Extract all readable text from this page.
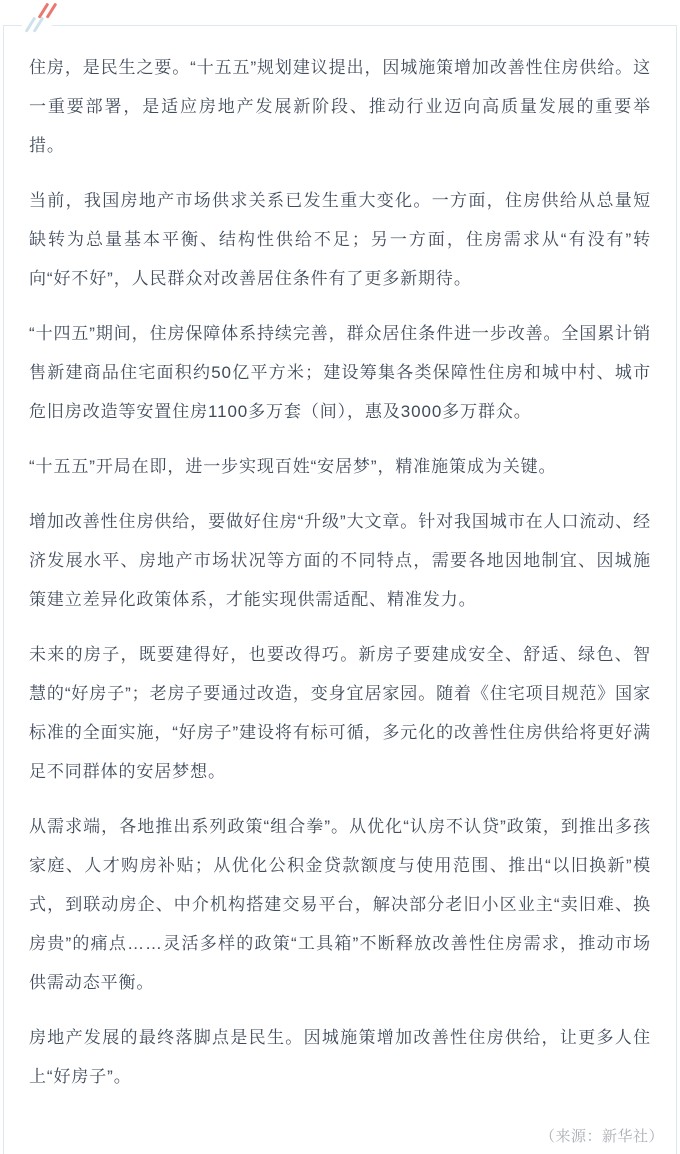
住房，是民生之要。“十五五”规划建议提出，因城施策增加改善性住房供给。这一重要部署，是适应房地产发展新阶段、推动行业迈向高质量发展的重要举措。

当前，我国房地产市场供求关系已发生重大变化。一方面，住房供给从总量短缺转为总量基本平衡、结构性供给不足；另一方面，住房需求从“有没有”转向“好不好”，人民群众对改善居住条件有了更多新期待。

“十四五”期间，住房保障体系持续完善，群众居住条件进一步改善。全国累计销售新建商品住宅面积约50亿平方米；建设筹集各类保障性住房和城中村、城市危旧房改造等安置住房1100多万套（间），惠及3000多万群众。

“十五五”开局在即，进一步实现百姓“安居梦”，精准施策成为关键。

增加改善性住房供给，要做好住房“升级”大文章。针对我国城市在人口流动、经济发展水平、房地产市场状况等方面的不同特点，需要各地因地制宜、因城施策建立差异化政策体系，才能实现供需适配、精准发力。

未来的房子，既要建得好，也要改得巧。新房子要建成安全、舒适、绿色、智慧的“好房子”；老房子要通过改造，变身宜居家园。随着《住宅项目规范》国家标准的全面实施，“好房子”建设将有标可循，多元化的改善性住房供给将更好满足不同群体的安居梦想。

从需求端，各地推出系列政策“组合拳”。从优化“认房不认贷”政策，到推出多孩家庭、人才购房补贴；从优化公积金贷款额度与使用范围、推出“以旧换新”模式，到联动房企、中介机构搭建交易平台，解决部分老旧小区业主“卖旧难、换房贵”的痛点……灵活多样的政策“工具箱”不断释放改善性住房需求，推动市场供需动态平衡。

房地产发展的最终落脚点是民生。因城施策增加改善性住房供给，让更多人住上“好房子”。

（来源：新华社）
